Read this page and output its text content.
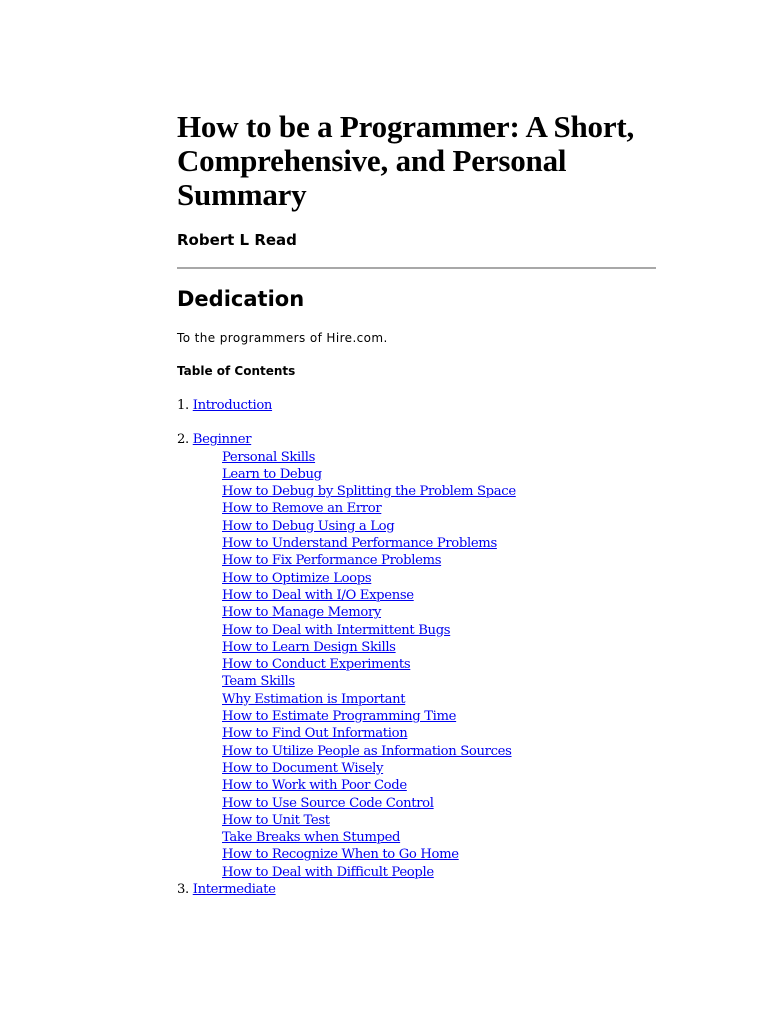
How to be a Programmer: A Short, Comprehensive, and Personal Summary

Robert L Read

Dedication

To the programmers of Hire.com.

Table of Contents

1. Introduction
2. Beginner
Personal Skills
Learn to Debug
How to Debug by Splitting the Problem Space
How to Remove an Error
How to Debug Using a Log
How to Understand Performance Problems
How to Fix Performance Problems
How to Optimize Loops
How to Deal with I/O Expense
How to Manage Memory
How to Deal with Intermittent Bugs
How to Learn Design Skills
How to Conduct Experiments
Team Skills
Why Estimation is Important
How to Estimate Programming Time
How to Find Out Information
How to Utilize People as Information Sources
How to Document Wisely
How to Work with Poor Code
How to Use Source Code Control
How to Unit Test
Take Breaks when Stumped
How to Recognize When to Go Home
How to Deal with Difficult People
3. Intermediate
